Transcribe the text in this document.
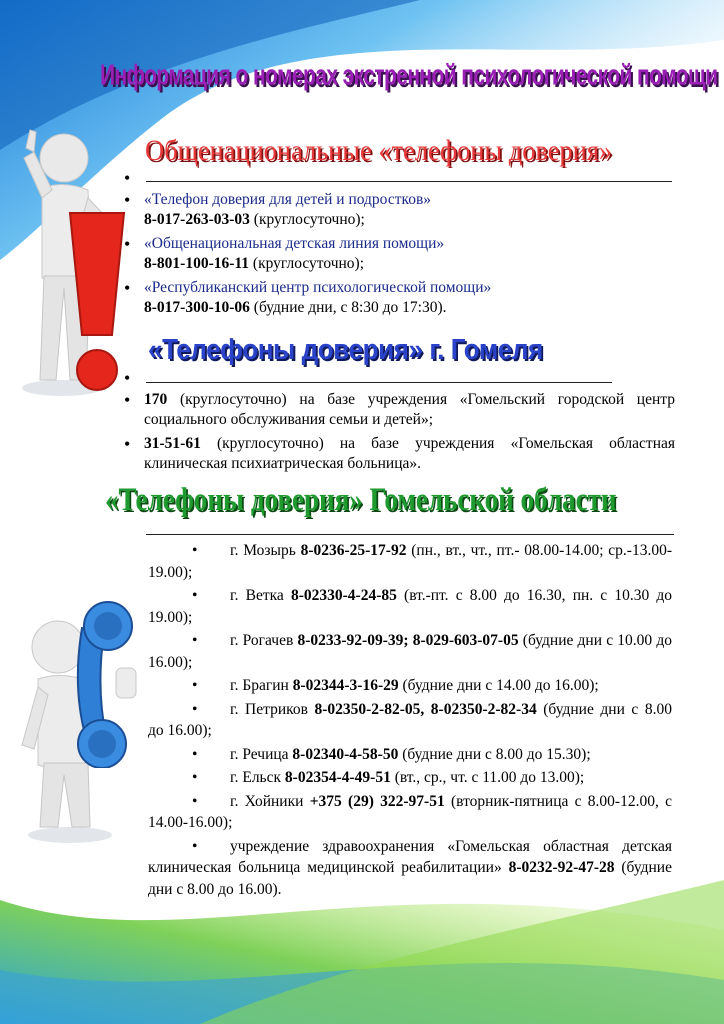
Информация о номерах экстренной психологической помощи
Общенациональные «телефоны доверия»
•
• «Телефон доверия для детей и подростков»
8-017-263-03-03 (круглосуточно);
• «Общенациональная детская линия помощи»
8-801-100-16-11 (круглосуточно);
• «Республиканский центр психологической помощи»
8-017-300-10-06 (будние дни, с 8:30 до 17:30).
«Телефоны доверия» г. Гомеля
•
• 170 (круглосуточно) на базе учреждения «Гомельский городской центр социального обслуживания семьи и детей»;
• 31-51-61 (круглосуточно) на базе учреждения «Гомельская областная клиническая психиатрическая больница».
«Телефоны доверия» Гомельской области
• г. Мозырь 8-0236-25-17-92 (пн., вт., чт., пт.- 08.00-14.00; ср.-13.00-19.00);
• г. Ветка 8-02330-4-24-85 (вт.-пт. с 8.00 до 16.30, пн. с 10.30 до 19.00);
• г. Рогачев 8-0233-92-09-39; 8-029-603-07-05 (будние дни с 10.00 до 16.00);
• г. Брагин 8-02344-3-16-29 (будние дни с 14.00 до 16.00);
• г. Петриков 8-02350-2-82-05, 8-02350-2-82-34 (будние дни с 8.00 до 16.00);
• г. Речица 8-02340-4-58-50 (будние дни с 8.00 до 15.30);
• г. Ельск 8-02354-4-49-51 (вт., ср., чт. с 11.00 до 13.00);
• г. Хойники +375 (29) 322-97-51 (вторник-пятница с 8.00-12.00, с 14.00-16.00);
• учреждение здравоохранения «Гомельская областная детская клиническая больница медицинской реабилитации» 8-0232-92-47-28 (будние дни с 8.00 до 16.00).
